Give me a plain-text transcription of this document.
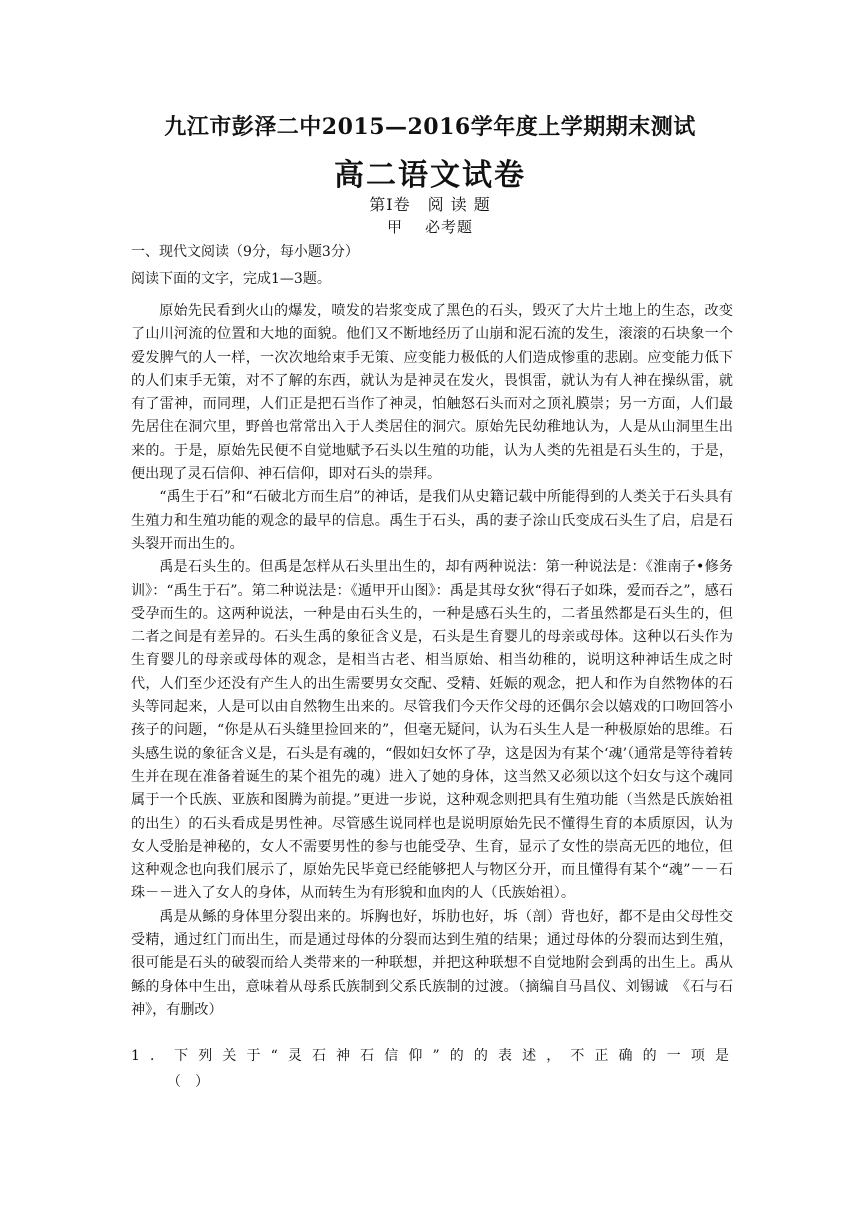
九江市彭泽二中2015—2016学年度上学期期末测试
高二语文试卷
第Ⅰ卷　阅 读 题
甲 必考题
一、现代文阅读（9分，每小题3分）
阅读下面的文字，完成1—3题。

原始先民看到火山的爆发，喷发的岩浆变成了黑色的石头，毁灭了大片土地上的生态，改变了山川河流的位置和大地的面貌。他们又不断地经历了山崩和泥石流的发生，滚滚的石块象一个爱发脾气的人一样，一次次地给束手无策、应变能力极低的人们造成惨重的悲剧。应变能力低下的人们束手无策，对不了解的东西，就认为是神灵在发火，畏惧雷，就认为有人神在操纵雷，就有了雷神，而同理，人们正是把石当作了神灵，怕触怒石头而对之顶礼膜崇；另一方面，人们最先居住在洞穴里，野兽也常常出入于人类居住的洞穴。原始先民幼稚地认为，人是从山洞里生出来的。于是，原始先民便不自觉地赋予石头以生殖的功能，认为人类的先祖是石头生的，于是，便出现了灵石信仰、神石信仰，即对石头的崇拜。

“禹生于石”和“石破北方而生启”的神话，是我们从史籍记载中所能得到的人类关于石头具有生殖力和生殖功能的观念的最早的信息。禹生于石头，禹的妻子涂山氏变成石头生了启，启是石头裂开而出生的。

禹是石头生的。但禹是怎样从石头里出生的，却有两种说法：第一种说法是：《淮南子•修务训》：“禹生于石”。第二种说法是：《遁甲开山图》：禹是其母女狄“得石子如珠，爱而吞之”，感石受孕而生的。这两种说法，一种是由石头生的，一种是感石头生的，二者虽然都是石头生的，但二者之间是有差异的。石头生禹的象征含义是，石头是生育婴儿的母亲或母体。这种以石头作为生育婴儿的母亲或母体的观念，是相当古老、相当原始、相当幼稚的，说明这种神话生成之时代，人们至少还没有产生人的出生需要男女交配、受精、妊娠的观念，把人和作为自然物体的石头等同起来，人是可以由自然物生出来的。尽管我们今天作父母的还偶尔会以嬉戏的口吻回答小孩子的问题，“你是从石头缝里捡回来的”，但毫无疑问，认为石头生人是一种极原始的思维。石头感生说的象征含义是，石头是有魂的，“假如妇女怀了孕，这是因为有某个‘魂’（通常是等待着转生并在现在准备着诞生的某个祖先的魂）进入了她的身体，这当然又必须以这个妇女与这个魂同属于一个氏族、亚族和图腾为前提。”更进一步说，这种观念则把具有生殖功能（当然是氏族始祖的出生）的石头看成是男性神。尽管感生说同样也是说明原始先民不懂得生育的本质原因，认为女人受胎是神秘的，女人不需要男性的参与也能受孕、生育，显示了女性的崇高无匹的地位，但这种观念也向我们展示了，原始先民毕竟已经能够把人与物区分开，而且懂得有某个“魂”－－石珠－－进入了女人的身体，从而转生为有形貌和血肉的人（氏族始祖）。

禹是从鲧的身体里分裂出来的。坼胸也好，坼肋也好，坼（剖）背也好，都不是由父母性交受精，通过红门而出生，而是通过母体的分裂而达到生殖的结果；通过母体的分裂而达到生殖，很可能是石头的破裂而给人类带来的一种联想，并把这种联想不自觉地附会到禹的出生上。禹从鲧的身体中生出，意味着从母系氏族制到父系氏族制的过渡。（摘编自马昌仪、刘锡诚　《石与石神》，有删改）

1．下列关于“灵石神石信仰”的的表述，不正确的一项是
（　）
